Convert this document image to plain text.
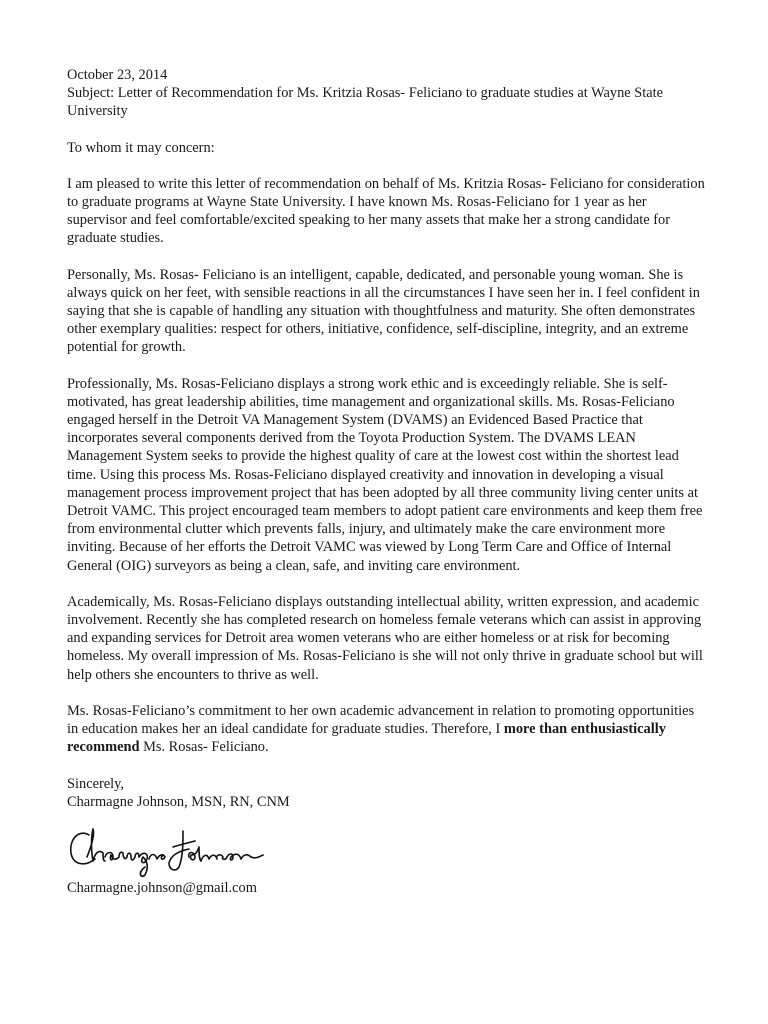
October 23, 2014

Subject: Letter of Recommendation for Ms. Kritzia Rosas- Feliciano to graduate studies at Wayne State

University

To whom it may concern:

I am pleased to write this letter of recommendation on behalf of Ms. Kritzia Rosas- Feliciano for consideration to graduate programs at Wayne State University. I have known Ms. Rosas-Feliciano for 1 year as her supervisor and feel comfortable/excited speaking to her many assets that make her a strong candidate for graduate studies.

Personally, Ms. Rosas- Feliciano is an intelligent, capable, dedicated, and personable young woman. She is always quick on her feet, with sensible reactions in all the circumstances I have seen her in. I feel confident in saying that she is capable of handling any situation with thoughtfulness and maturity. She often demonstrates other exemplary qualities: respect for others, initiative, confidence, self-discipline, integrity, and an extreme potential for growth.

Professionally, Ms. Rosas-Feliciano displays a strong work ethic and is exceedingly reliable. She is self-motivated, has great leadership abilities, time management and organizational skills. Ms. Rosas-Feliciano engaged herself in the Detroit VA Management System (DVAMS) an Evidenced Based Practice that incorporates several components derived from the Toyota Production System. The DVAMS LEAN Management System seeks to provide the highest quality of care at the lowest cost within the shortest lead time. Using this process Ms. Rosas-Feliciano displayed creativity and innovation in developing a visual management process improvement project that has been adopted by all three community living center units at Detroit VAMC. This project encouraged team members to adopt patient care environments and keep them free from environmental clutter which prevents falls, injury, and ultimately make the care environment more inviting. Because of her efforts the Detroit VAMC was viewed by Long Term Care and Office of Internal General (OIG) surveyors as being a clean, safe, and inviting care environment.

Academically, Ms. Rosas-Feliciano displays outstanding intellectual ability, written expression, and academic involvement. Recently she has completed research on homeless female veterans which can assist in approving and expanding services for Detroit area women veterans who are either homeless or at risk for becoming homeless. My overall impression of Ms. Rosas-Feliciano is she will not only thrive in graduate school but will help others she encounters to thrive as well.

Ms. Rosas-Feliciano’s commitment to her own academic advancement in relation to promoting opportunities in education makes her an ideal candidate for graduate studies. Therefore, I more than enthusiastically recommend Ms. Rosas- Feliciano.

Sincerely,

Charmagne Johnson, MSN, RN, CNM

Charmagne.johnson@gmail.com
